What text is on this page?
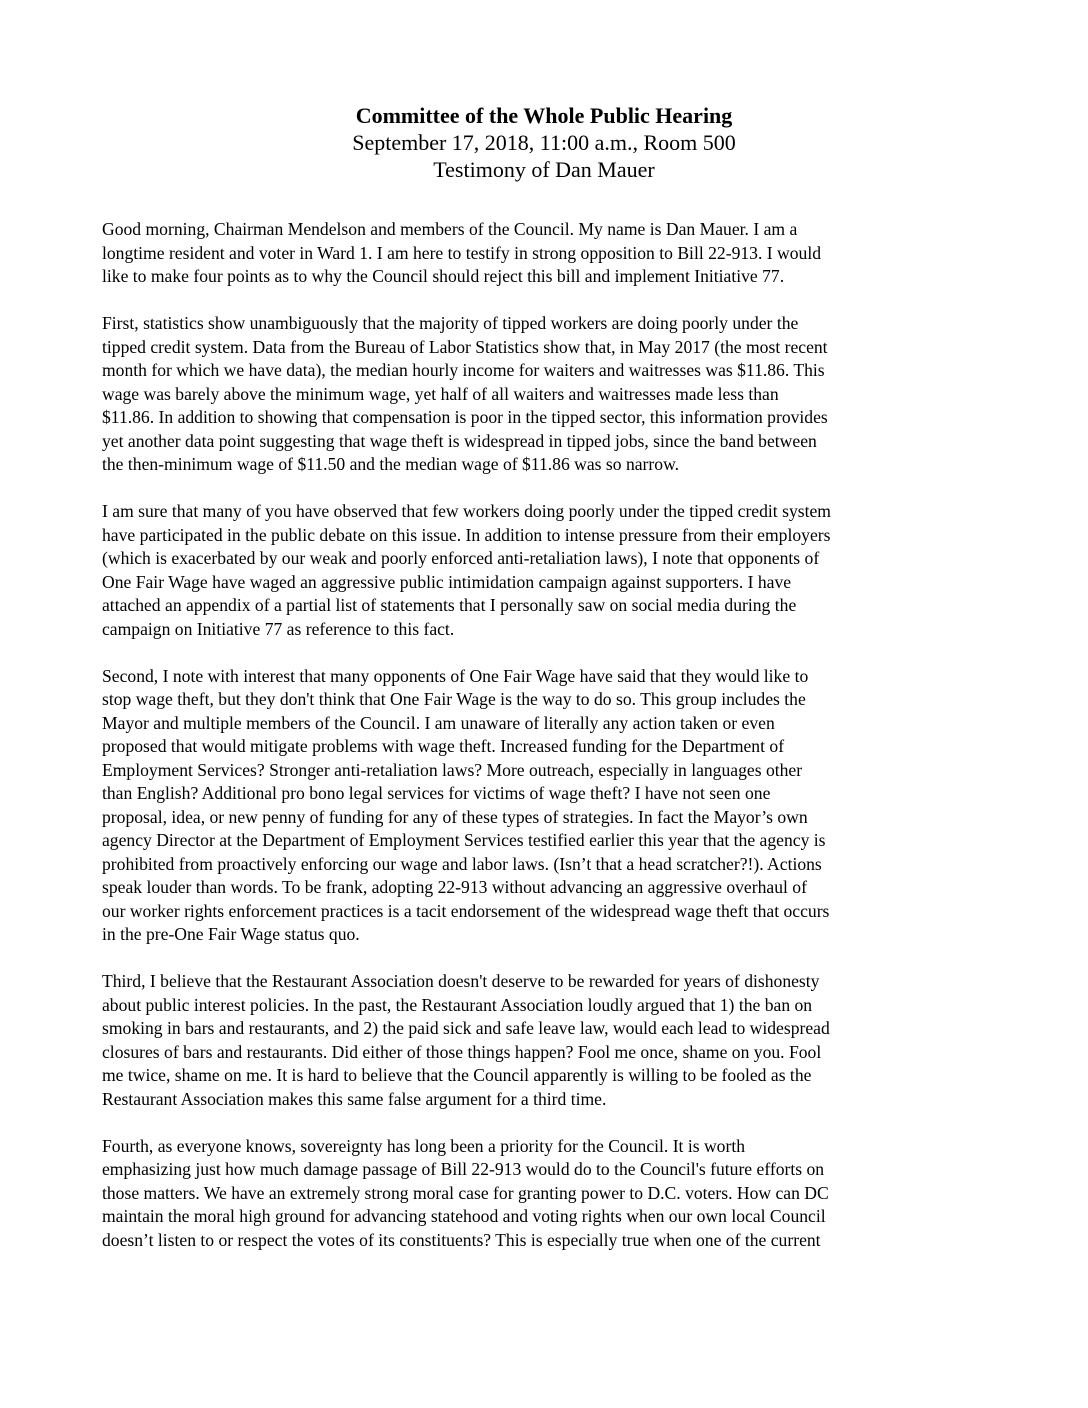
Committee of the Whole Public Hearing
September 17, 2018, 11:00 a.m., Room 500
Testimony of Dan Mauer
Good morning, Chairman Mendelson and members of the Council. My name is Dan Mauer. I am a
longtime resident and voter in Ward 1. I am here to testify in strong opposition to Bill 22-913. I would
like to make four points as to why the Council should reject this bill and implement Initiative 77.
First, statistics show unambiguously that the majority of tipped workers are doing poorly under the
tipped credit system. Data from the Bureau of Labor Statistics show that, in May 2017 (the most recent
month for which we have data), the median hourly income for waiters and waitresses was $11.86. This
wage was barely above the minimum wage, yet half of all waiters and waitresses made less than
$11.86. In addition to showing that compensation is poor in the tipped sector, this information provides
yet another data point suggesting that wage theft is widespread in tipped jobs, since the band between
the then-minimum wage of $11.50 and the median wage of $11.86 was so narrow.
I am sure that many of you have observed that few workers doing poorly under the tipped credit system
have participated in the public debate on this issue. In addition to intense pressure from their employers
(which is exacerbated by our weak and poorly enforced anti-retaliation laws), I note that opponents of
One Fair Wage have waged an aggressive public intimidation campaign against supporters. I have
attached an appendix of a partial list of statements that I personally saw on social media during the
campaign on Initiative 77 as reference to this fact.
Second, I note with interest that many opponents of One Fair Wage have said that they would like to
stop wage theft, but they don't think that One Fair Wage is the way to do so. This group includes the
Mayor and multiple members of the Council. I am unaware of literally any action taken or even
proposed that would mitigate problems with wage theft. Increased funding for the Department of
Employment Services? Stronger anti-retaliation laws? More outreach, especially in languages other
than English? Additional pro bono legal services for victims of wage theft? I have not seen one
proposal, idea, or new penny of funding for any of these types of strategies. In fact the Mayor’s own
agency Director at the Department of Employment Services testified earlier this year that the agency is
prohibited from proactively enforcing our wage and labor laws. (Isn’t that a head scratcher?!). Actions
speak louder than words. To be frank, adopting 22-913 without advancing an aggressive overhaul of
our worker rights enforcement practices is a tacit endorsement of the widespread wage theft that occurs
in the pre-One Fair Wage status quo.
Third, I believe that the Restaurant Association doesn't deserve to be rewarded for years of dishonesty
about public interest policies. In the past, the Restaurant Association loudly argued that 1) the ban on
smoking in bars and restaurants, and 2) the paid sick and safe leave law, would each lead to widespread
closures of bars and restaurants. Did either of those things happen? Fool me once, shame on you. Fool
me twice, shame on me. It is hard to believe that the Council apparently is willing to be fooled as the
Restaurant Association makes this same false argument for a third time.
Fourth, as everyone knows, sovereignty has long been a priority for the Council. It is worth
emphasizing just how much damage passage of Bill 22-913 would do to the Council's future efforts on
those matters. We have an extremely strong moral case for granting power to D.C. voters. How can DC
maintain the moral high ground for advancing statehood and voting rights when our own local Council
doesn’t listen to or respect the votes of its constituents? This is especially true when one of the current
